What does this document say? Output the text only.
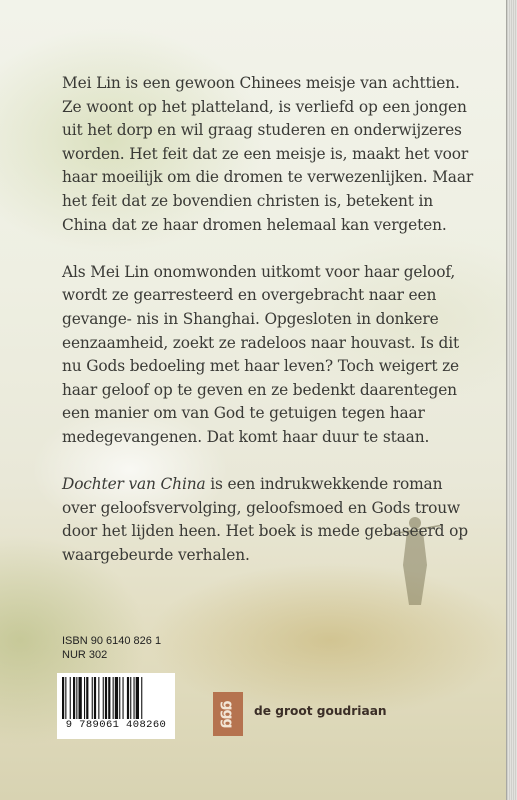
Mei Lin is een gewoon Chinees meisje van achttien. Ze woont op het platteland, is verliefd op een jongen uit het dorp en wil graag studeren en onderwijzeres worden. Het feit dat ze een meisje is, maakt het voor haar moeilijk om die dromen te verwezenlijken. Maar het feit dat ze bovendien christen is, betekent in China dat ze haar dromen helemaal kan vergeten.

Als Mei Lin onomwonden uitkomt voor haar geloof, wordt ze gearresteerd en overgebracht naar een gevange- nis in Shanghai. Opgesloten in donkere eenzaamheid, zoekt ze radeloos naar houvast. Is dit nu Gods bedoeling met haar leven? Toch weigert ze haar geloof op te geven en ze bedenkt daarentegen een manier om van God te getuigen tegen haar medegevangenen. Dat komt haar duur te staan.

Dochter van China is een indrukwekkende roman over geloofsvervolging, geloofsmoed en Gods trouw door het lijden heen. Het boek is mede gebaseerd op waargebeurde verhalen.

ISBN 90 6140 826 1
NUR 302
9 789061 408260	ggg de groot goudriaan
